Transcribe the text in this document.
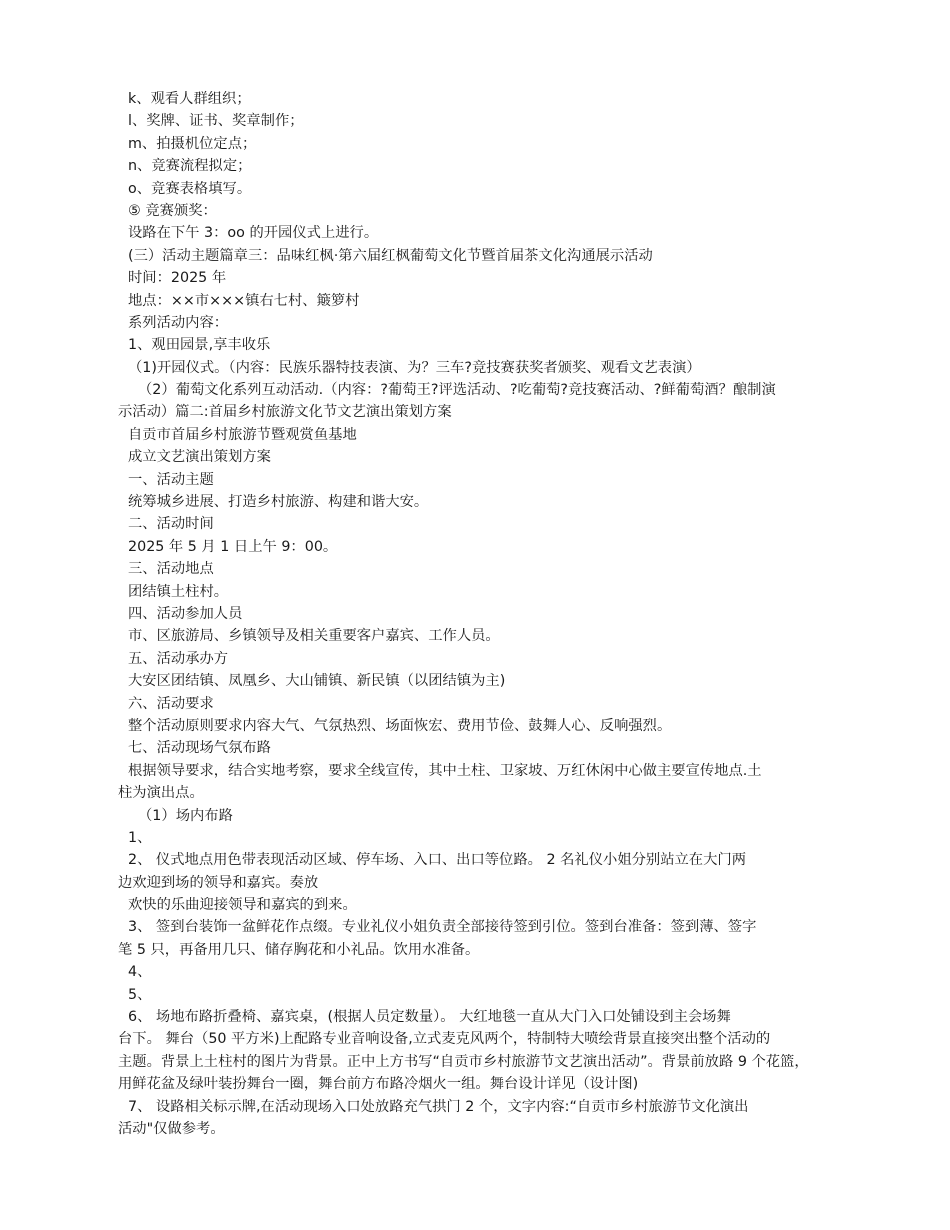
k、观看人群组织；
l、奖牌、证书、奖章制作；
m、拍摄机位定点；
n、竞赛流程拟定；
o、竞赛表格填写。
⑤ 竞赛颁奖：
设路在下午 3：oo 的开园仪式上进行。
(三）活动主题篇章三：品味红枫·第六届红枫葡萄文化节暨首届茶文化沟通展示活动
时间：2025 年
地点：××市×××镇右七村、簸箩村
系列活动内容：
1、观田园景,享丰收乐
（1)开园仪式。（内容：民族乐器特技表演、为？三车?竞技赛获奖者颁奖、观看文艺表演）
（2）葡萄文化系列互动活动.（内容：?葡萄王?评选活动、?吃葡萄?竞技赛活动、?鲜葡萄酒？酿制演
示活动）篇二:首届乡村旅游文化节文艺演出策划方案
自贡市首届乡村旅游节暨观赏鱼基地
成立文艺演出策划方案
一、活动主题
统筹城乡进展、打造乡村旅游、构建和谐大安。
二、活动时间
2025 年 5 月 1 日上午 9：00。
三、活动地点
团结镇土柱村。
四、活动参加人员
市、区旅游局、乡镇领导及相关重要客户嘉宾、工作人员。
五、活动承办方
大安区团结镇、凤凰乡、大山铺镇、新民镇（以团结镇为主)
六、活动要求
整个活动原则要求内容大气、气氛热烈、场面恢宏、费用节俭、鼓舞人心、反响强烈。
七、活动现场气氛布路
根据领导要求，结合实地考察，要求全线宣传，其中土柱、卫家坡、万红休闲中心做主要宣传地点.土
柱为演出点。
（1）场内布路
1、
2、 仪式地点用色带表现活动区域、停车场、入口、出口等位路。 2 名礼仪小姐分别站立在大门两
边欢迎到场的领导和嘉宾。奏放
欢快的乐曲迎接领导和嘉宾的到来。
3、 签到台装饰一盆鲜花作点缀。专业礼仪小姐负责全部接待签到引位。签到台准备：签到薄、签字
笔 5 只，再备用几只、储存胸花和小礼品。饮用水准备。
4、
5、
6、 场地布路折叠椅、嘉宾桌，(根据人员定数量）。 大红地毯一直从大门入口处铺设到主会场舞
台下。 舞台（50 平方米)上配路专业音响设备,立式麦克风两个，特制特大喷绘背景直接突出整个活动的
主题。背景上土柱村的图片为背景。正中上方书写“自贡市乡村旅游节文艺演出活动”。背景前放路 9 个花篮，
用鲜花盆及绿叶装扮舞台一圈，舞台前方布路冷烟火一组。舞台设计详见（设计图)
7、 设路相关标示牌,在活动现场入口处放路充气拱门 2 个，文字内容:“自贡市乡村旅游节文化演出
活动"仅做参考。
